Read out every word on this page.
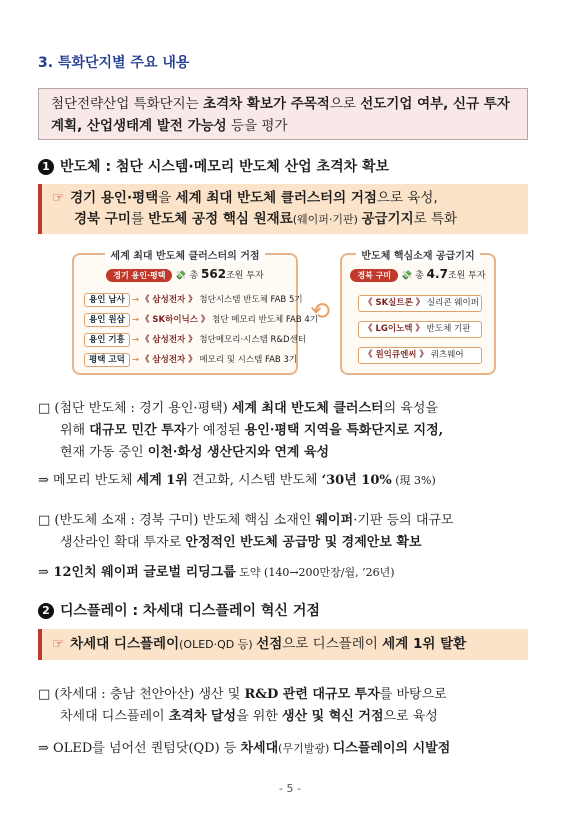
3. 특화단지별 주요 내용
첨단전략산업 특화단지는 초격차 확보가 주목적으로 선도기업 여부, 신규 투자계획, 산업생태계 발전 가능성 등을 평가
1 반도체 : 첨단 시스템·메모리 반도체 산업 초격차 확보
☞ 경기 용인·평택을 세계 최대 반도체 클러스터의 거점으로 육성,
경북 구미를 반도체 공정 핵심 원재료(웨이퍼·기판) 공급기지로 특화
세계 최대 반도체 클러스터의 거점
경기 용인·평택 💸 총 562조원 투자
용인 남사 → 《 삼성전자 》 첨단시스템 반도체 FAB 5기
용인 원삼 → 《 SK하이닉스 》 첨단 메모리 반도체 FAB 4기
용인 기흥 → 《 삼성전자 》 첨단메모리·시스템 R&D센터
평택 고덕 → 《 삼성전자 》 메모리 및 시스템 FAB 3기
⟲
반도체 핵심소재 공급기지
경북 구미 💸 총 4.7조원 투자
《 SK실트론 》 실리콘 웨이퍼
《 LG이노텍 》 반도체 기판
《 원익큐엔씨 》 쿼츠웨어
□ (첨단 반도체 : 경기 용인·평택) 세계 최대 반도체 클러스터의 육성을
위해 대규모 민간 투자가 예정된 용인·평택 지역을 특화단지로 지정,
현재 가동 중인 이천·화성 생산단지와 연계 육성
⇒ 메모리 반도체 세계 1위 견고화, 시스템 반도체 ‘30년 10% (現 3%)
□ (반도체 소재 : 경북 구미) 반도체 핵심 소재인 웨이퍼·기판 등의 대규모
생산라인 확대 투자로 안정적인 반도체 공급망 및 경제안보 확보
⇒ 12인치 웨이퍼 글로벌 리딩그룹 도약 (140→200만장/월, ’26년)
2 디스플레이 : 차세대 디스플레이 혁신 거점
☞ 차세대 디스플레이(OLED·QD 등) 선점으로 디스플레이 세계 1위 탈환
□ (차세대 : 충남 천안아산) 생산 및 R&D 관련 대규모 투자를 바탕으로
차세대 디스플레이 초격차 달성을 위한 생산 및 혁신 거점으로 육성
⇒ OLED를 넘어선 퀀텀닷(QD) 등 차세대(무기발광) 디스플레이의 시발점
- 5 -
